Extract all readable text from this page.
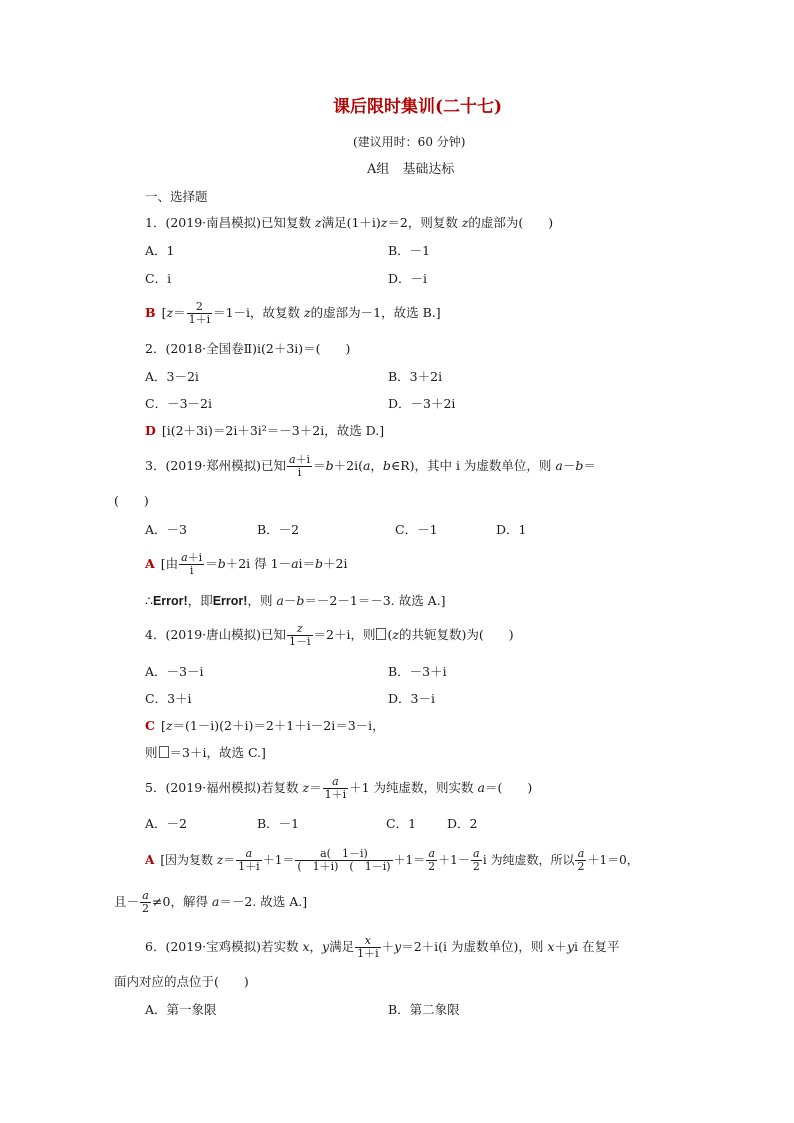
课后限时集训(二十七)
(建议用时：60 分钟)
A组　基础达标
一、选择题
1．(2019·南昌模拟)已知复数 z满足(1＋i)z＝2，则复数 z的虚部为(　　)
A．1	B．－1
C．i	D．－i
B [$z= \frac{2}{1+i} =1-i$，故复数 z的虚部为－1，故选 B.]
2．(2018·全国卷Ⅱ)i(2＋3i)＝(　　)
A．3－2i	B．3＋2i
C．－3－2i	D．－3＋2i
D [i(2＋3i)＝2i＋3i²＝－3＋2i，故选 D.]
3．(2019·郑州模拟)已知 $\frac{a+i}{i} =b+2i(a$，b∈R)，其中 i 为虚数单位，则 a－b＝
(　　)
A．－3	B．－2	C．－1	D．1
A [由 $\frac{a+i}{i} =b+2i$ 得 1－ai＝b＋2i
∴Error!，即Error!，则 a－b＝－2－1＝－3. 故选 A.]
4．(2019·唐山模拟)已知 $\frac{z}{1-i} =2+i$，则 (z的共轭复数)为(　　)
A．－3－i	B．－3＋i
C．3＋i	D．3－i
C [z＝(1－i)(2＋i)＝2＋1＋i－2i＝3－i，
则 ＝3＋i，故选 C.]
5．(2019·福州模拟)若复数 $z= \frac{a}{1+i} +1$ 为纯虚数，则实数 a＝(　　)
A．－2	B．－1	C．1 D．2
A [因为复数 $z= \frac{a}{1+i} +1= \frac{a( 1-i)}{( 1+i) ( 1-i)} +1= \frac{a}{2} +1- \frac{a}{2}$ i 为纯虚数，所以 $\frac{a}{2} +1=0$，
且－ $\frac{a}{2} \ne 0$，解得 a＝－2. 故选 A.]
6．(2019·宝鸡模拟)若实数 x，y满足 $\frac{x}{1+i} +y=2+i(i$ 为虚数单位)，则 x＋yi 在复平
面内对应的点位于(　　)
A．第一象限	B．第二象限
